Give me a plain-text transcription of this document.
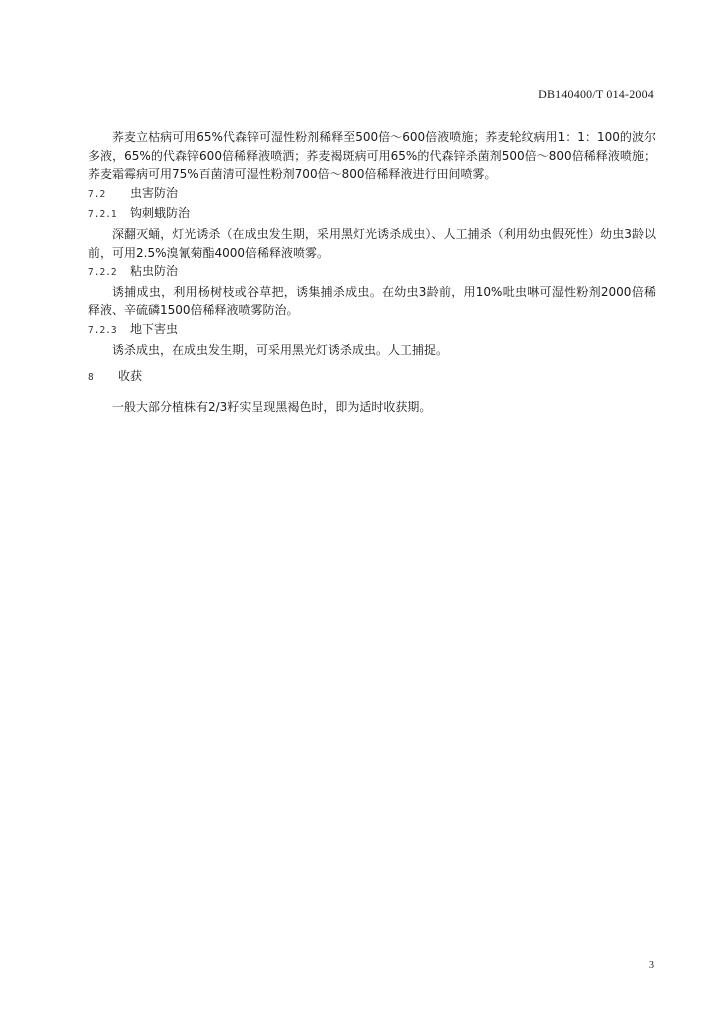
DB140400/T 014-2004

荞麦立枯病可用65%代森锌可湿性粉剂稀释至500倍～600倍液喷施；荞麦轮纹病用1：1：100的波尔多液，65%的代森锌600倍稀释液喷洒；荞麦褐斑病可用65%的代森锌杀菌剂500倍～800倍稀释液喷施；荞麦霜霉病可用75%百菌清可湿性粉剂700倍～800倍稀释液进行田间喷雾。

7.2 虫害防治
7.2.1 钩刺蛾防治

深翻灭蛹，灯光诱杀（在成虫发生期，采用黑灯光诱杀成虫）、人工捕杀（利用幼虫假死性）幼虫3龄以前，可用2.5%溴氰菊酯4000倍稀释液喷雾。

7.2.2 粘虫防治

诱捕成虫，利用杨树枝或谷草把，诱集捕杀成虫。在幼虫3龄前，用10%吡虫啉可湿性粉剂2000倍稀释液、辛硫磷1500倍稀释液喷雾防治。

7.2.3 地下害虫

诱杀成虫，在成虫发生期，可采用黑光灯诱杀成虫。人工捕捉。

8 收获

一般大部分植株有2/3籽实呈现黑褐色时，即为适时收获期。

3
